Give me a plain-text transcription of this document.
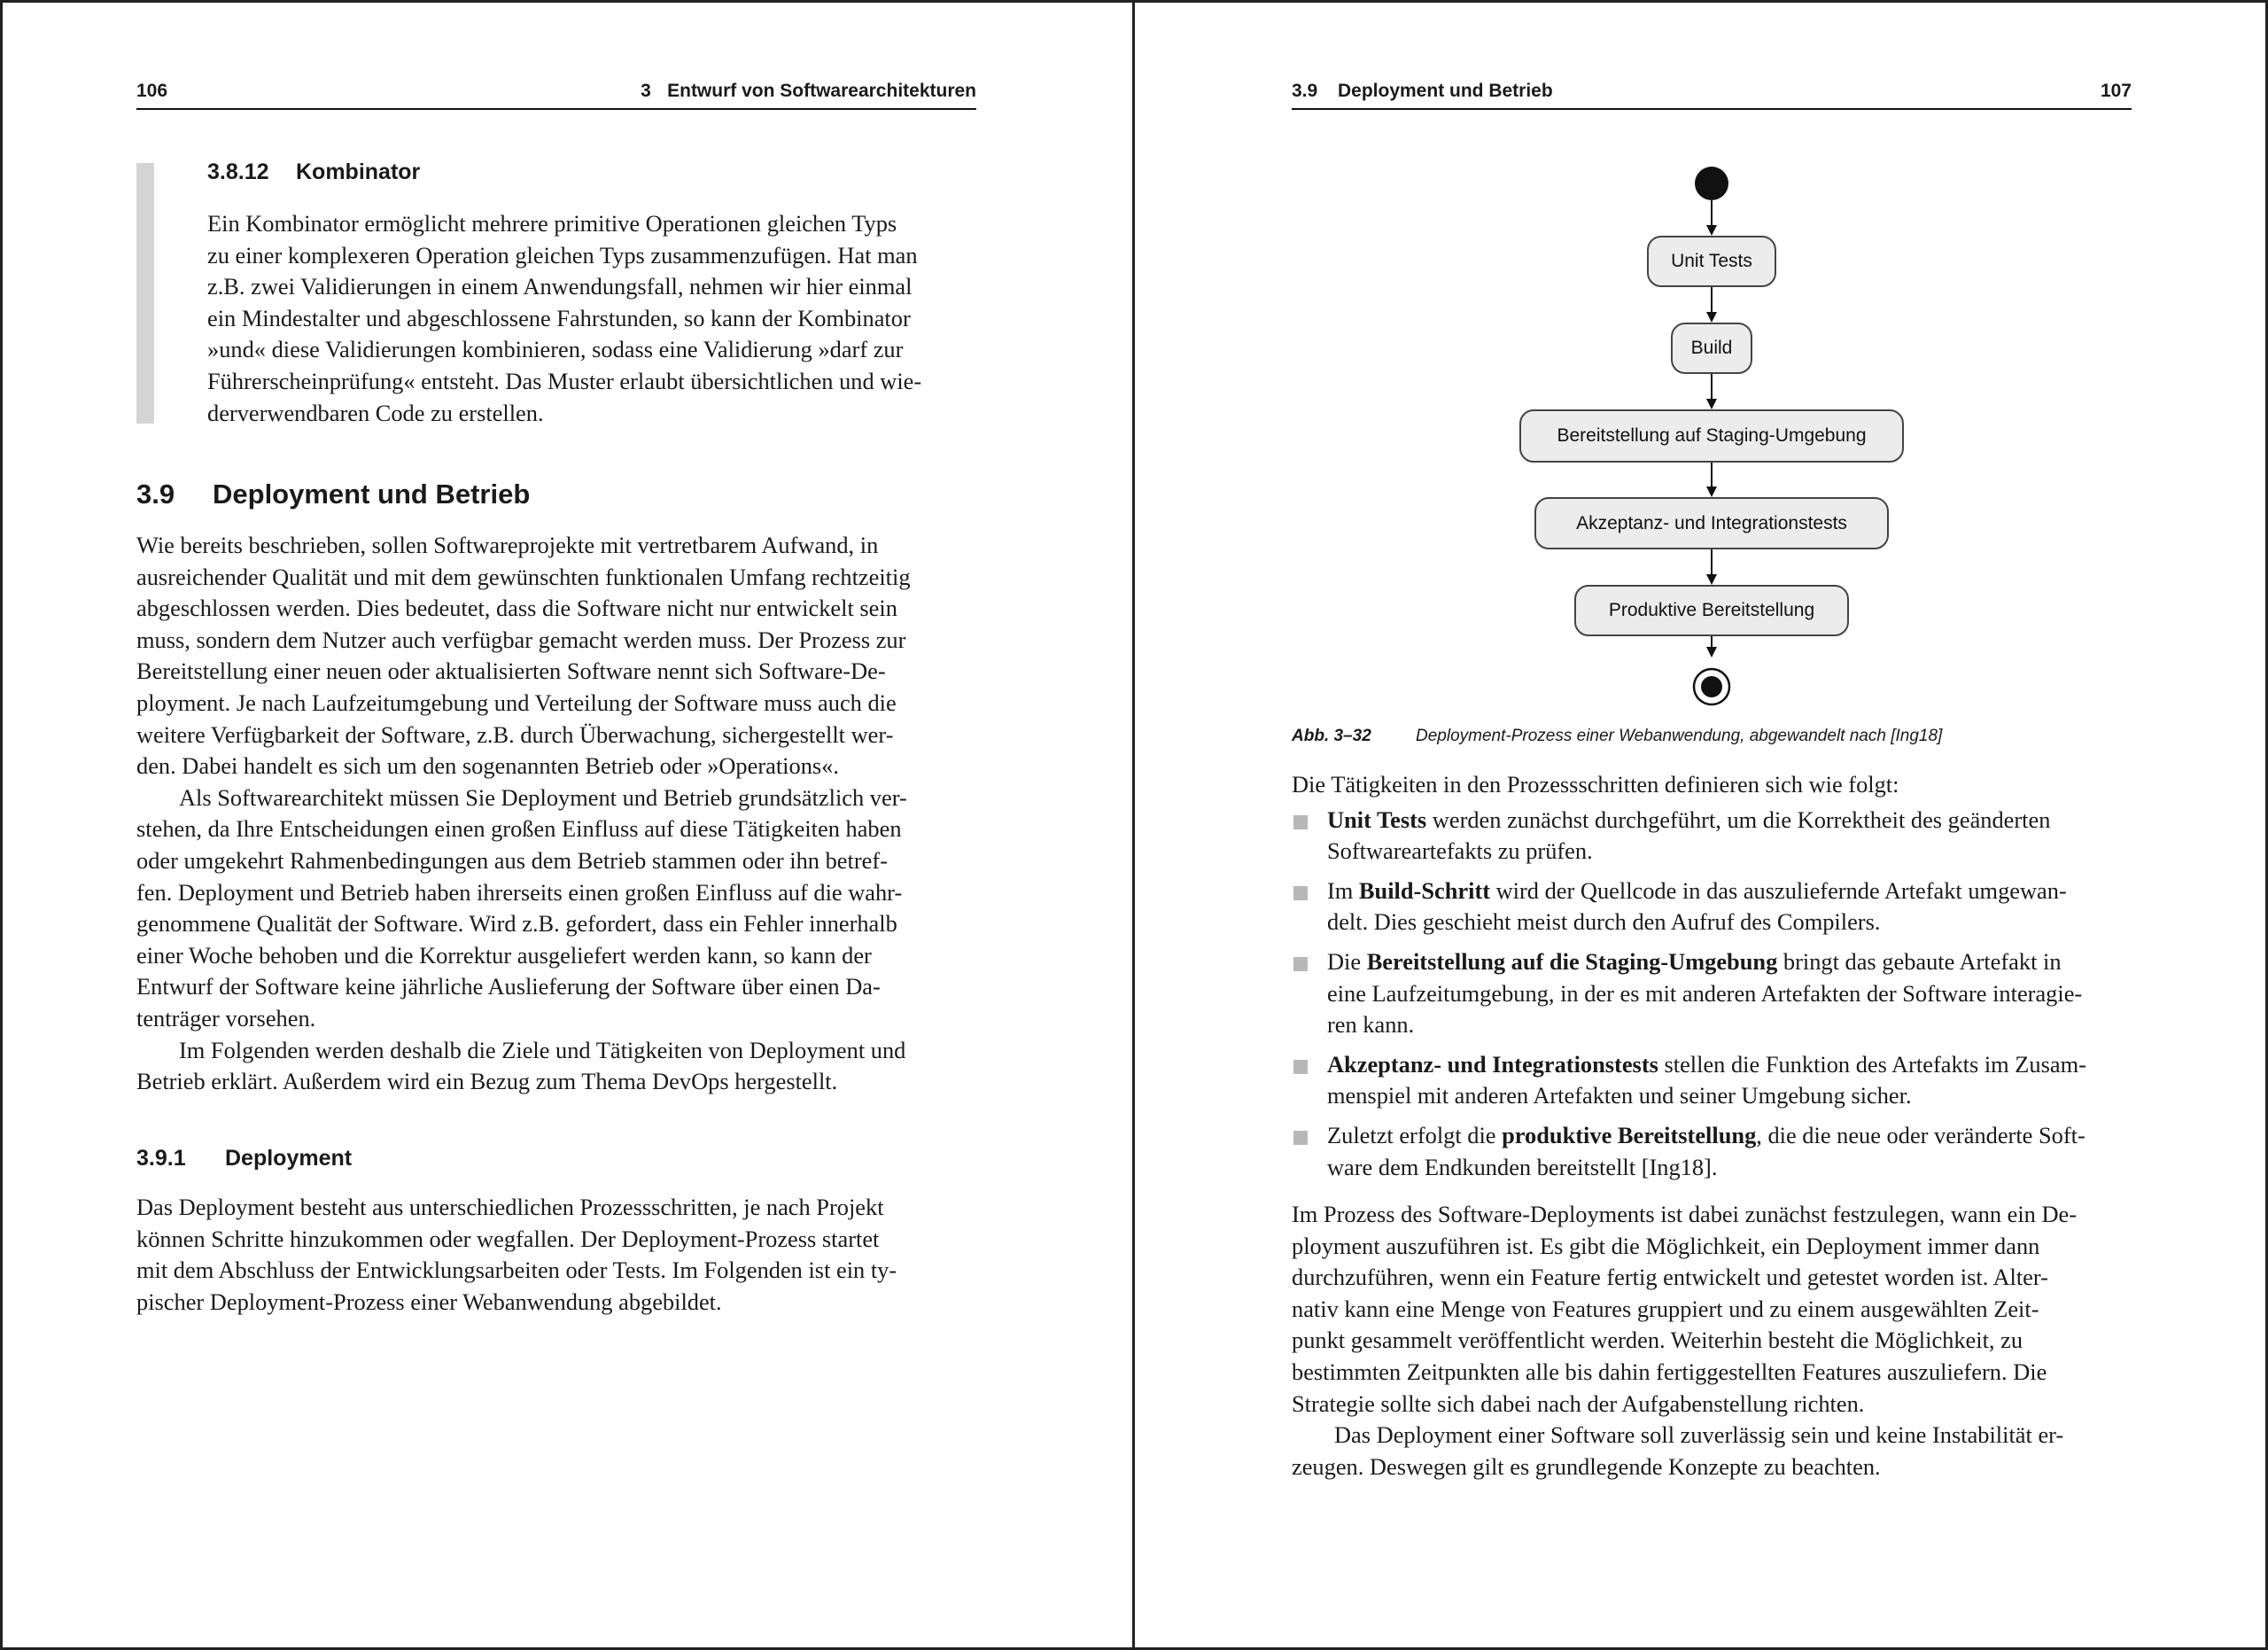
106	3 Entwurf von Softwarearchitekturen
3.8.12 Kombinator

Ein Kombinator ermöglicht mehrere primitive Operationen gleichen Typs
zu einer komplexeren Operation gleichen Typs zusammenzufügen. Hat man
z.B. zwei Validierungen in einem Anwendungsfall, nehmen wir hier einmal
ein Mindestalter und abgeschlossene Fahrstunden, so kann der Kombinator
»und« diese Validierungen kombinieren, sodass eine Validierung »darf zur
Führerscheinprüfung« entsteht. Das Muster erlaubt übersichtlichen und wie-
derverwendbaren Code zu erstellen.

3.9 Deployment und Betrieb

Wie bereits beschrieben, sollen Softwareprojekte mit vertretbarem Aufwand, in
ausreichender Qualität und mit dem gewünschten funktionalen Umfang rechtzeitig
abgeschlossen werden. Dies bedeutet, dass die Software nicht nur entwickelt sein
muss, sondern dem Nutzer auch verfügbar gemacht werden muss. Der Prozess zur
Bereitstellung einer neuen oder aktualisierten Software nennt sich Software-De-
ployment. Je nach Laufzeitumgebung und Verteilung der Software muss auch die
weitere Verfügbarkeit der Software, z.B. durch Überwachung, sichergestellt wer-
den. Dabei handelt es sich um den sogenannten Betrieb oder »Operations«.

Als Softwarearchitekt müssen Sie Deployment und Betrieb grundsätzlich ver-
stehen, da Ihre Entscheidungen einen großen Einfluss auf diese Tätigkeiten haben
oder umgekehrt Rahmenbedingungen aus dem Betrieb stammen oder ihn betref-
fen. Deployment und Betrieb haben ihrerseits einen großen Einfluss auf die wahr-
genommene Qualität der Software. Wird z.B. gefordert, dass ein Fehler innerhalb
einer Woche behoben und die Korrektur ausgeliefert werden kann, so kann der
Entwurf der Software keine jährliche Auslieferung der Software über einen Da-
tenträger vorsehen.

Im Folgenden werden deshalb die Ziele und Tätigkeiten von Deployment und
Betrieb erklärt. Außerdem wird ein Bezug zum Thema DevOps hergestellt.

3.9.1 Deployment

Das Deployment besteht aus unterschiedlichen Prozessschritten, je nach Projekt
können Schritte hinzukommen oder wegfallen. Der Deployment-Prozess startet
mit dem Abschluss der Entwicklungsarbeiten oder Tests. Im Folgenden ist ein ty-
pischer Deployment-Prozess einer Webanwendung abgebildet.

3.9 Deployment und Betrieb	107
Unit Tests
Build
Bereitstellung auf Staging-Umgebung
Akzeptanz- und Integrationstests
Produktive Bereitstellung
Abb. 3–32	Deployment-Prozess einer Webanwendung, abgewandelt nach [Ing18]

Die Tätigkeiten in den Prozessschritten definieren sich wie folgt:

Unit Tests werden zunächst durchgeführt, um die Korrektheit des geänderten
Softwareartefakts zu prüfen.

Im Build-Schritt wird der Quellcode in das auszuliefernde Artefakt umgewan-
delt. Dies geschieht meist durch den Aufruf des Compilers.

Die Bereitstellung auf die Staging-Umgebung bringt das gebaute Artefakt in
eine Laufzeitumgebung, in der es mit anderen Artefakten der Software interagie-
ren kann.

Akzeptanz- und Integrationstests stellen die Funktion des Artefakts im Zusam-
menspiel mit anderen Artefakten und seiner Umgebung sicher.

Zuletzt erfolgt die produktive Bereitstellung, die die neue oder veränderte Soft-
ware dem Endkunden bereitstellt [Ing18].

Im Prozess des Software-Deployments ist dabei zunächst festzulegen, wann ein De-
ployment auszuführen ist. Es gibt die Möglichkeit, ein Deployment immer dann
durchzuführen, wenn ein Feature fertig entwickelt und getestet worden ist. Alter-
nativ kann eine Menge von Features gruppiert und zu einem ausgewählten Zeit-
punkt gesammelt veröffentlicht werden. Weiterhin besteht die Möglichkeit, zu
bestimmten Zeitpunkten alle bis dahin fertiggestellten Features auszuliefern. Die
Strategie sollte sich dabei nach der Aufgabenstellung richten.

Das Deployment einer Software soll zuverlässig sein und keine Instabilität er-
zeugen. Deswegen gilt es grundlegende Konzepte zu beachten.
